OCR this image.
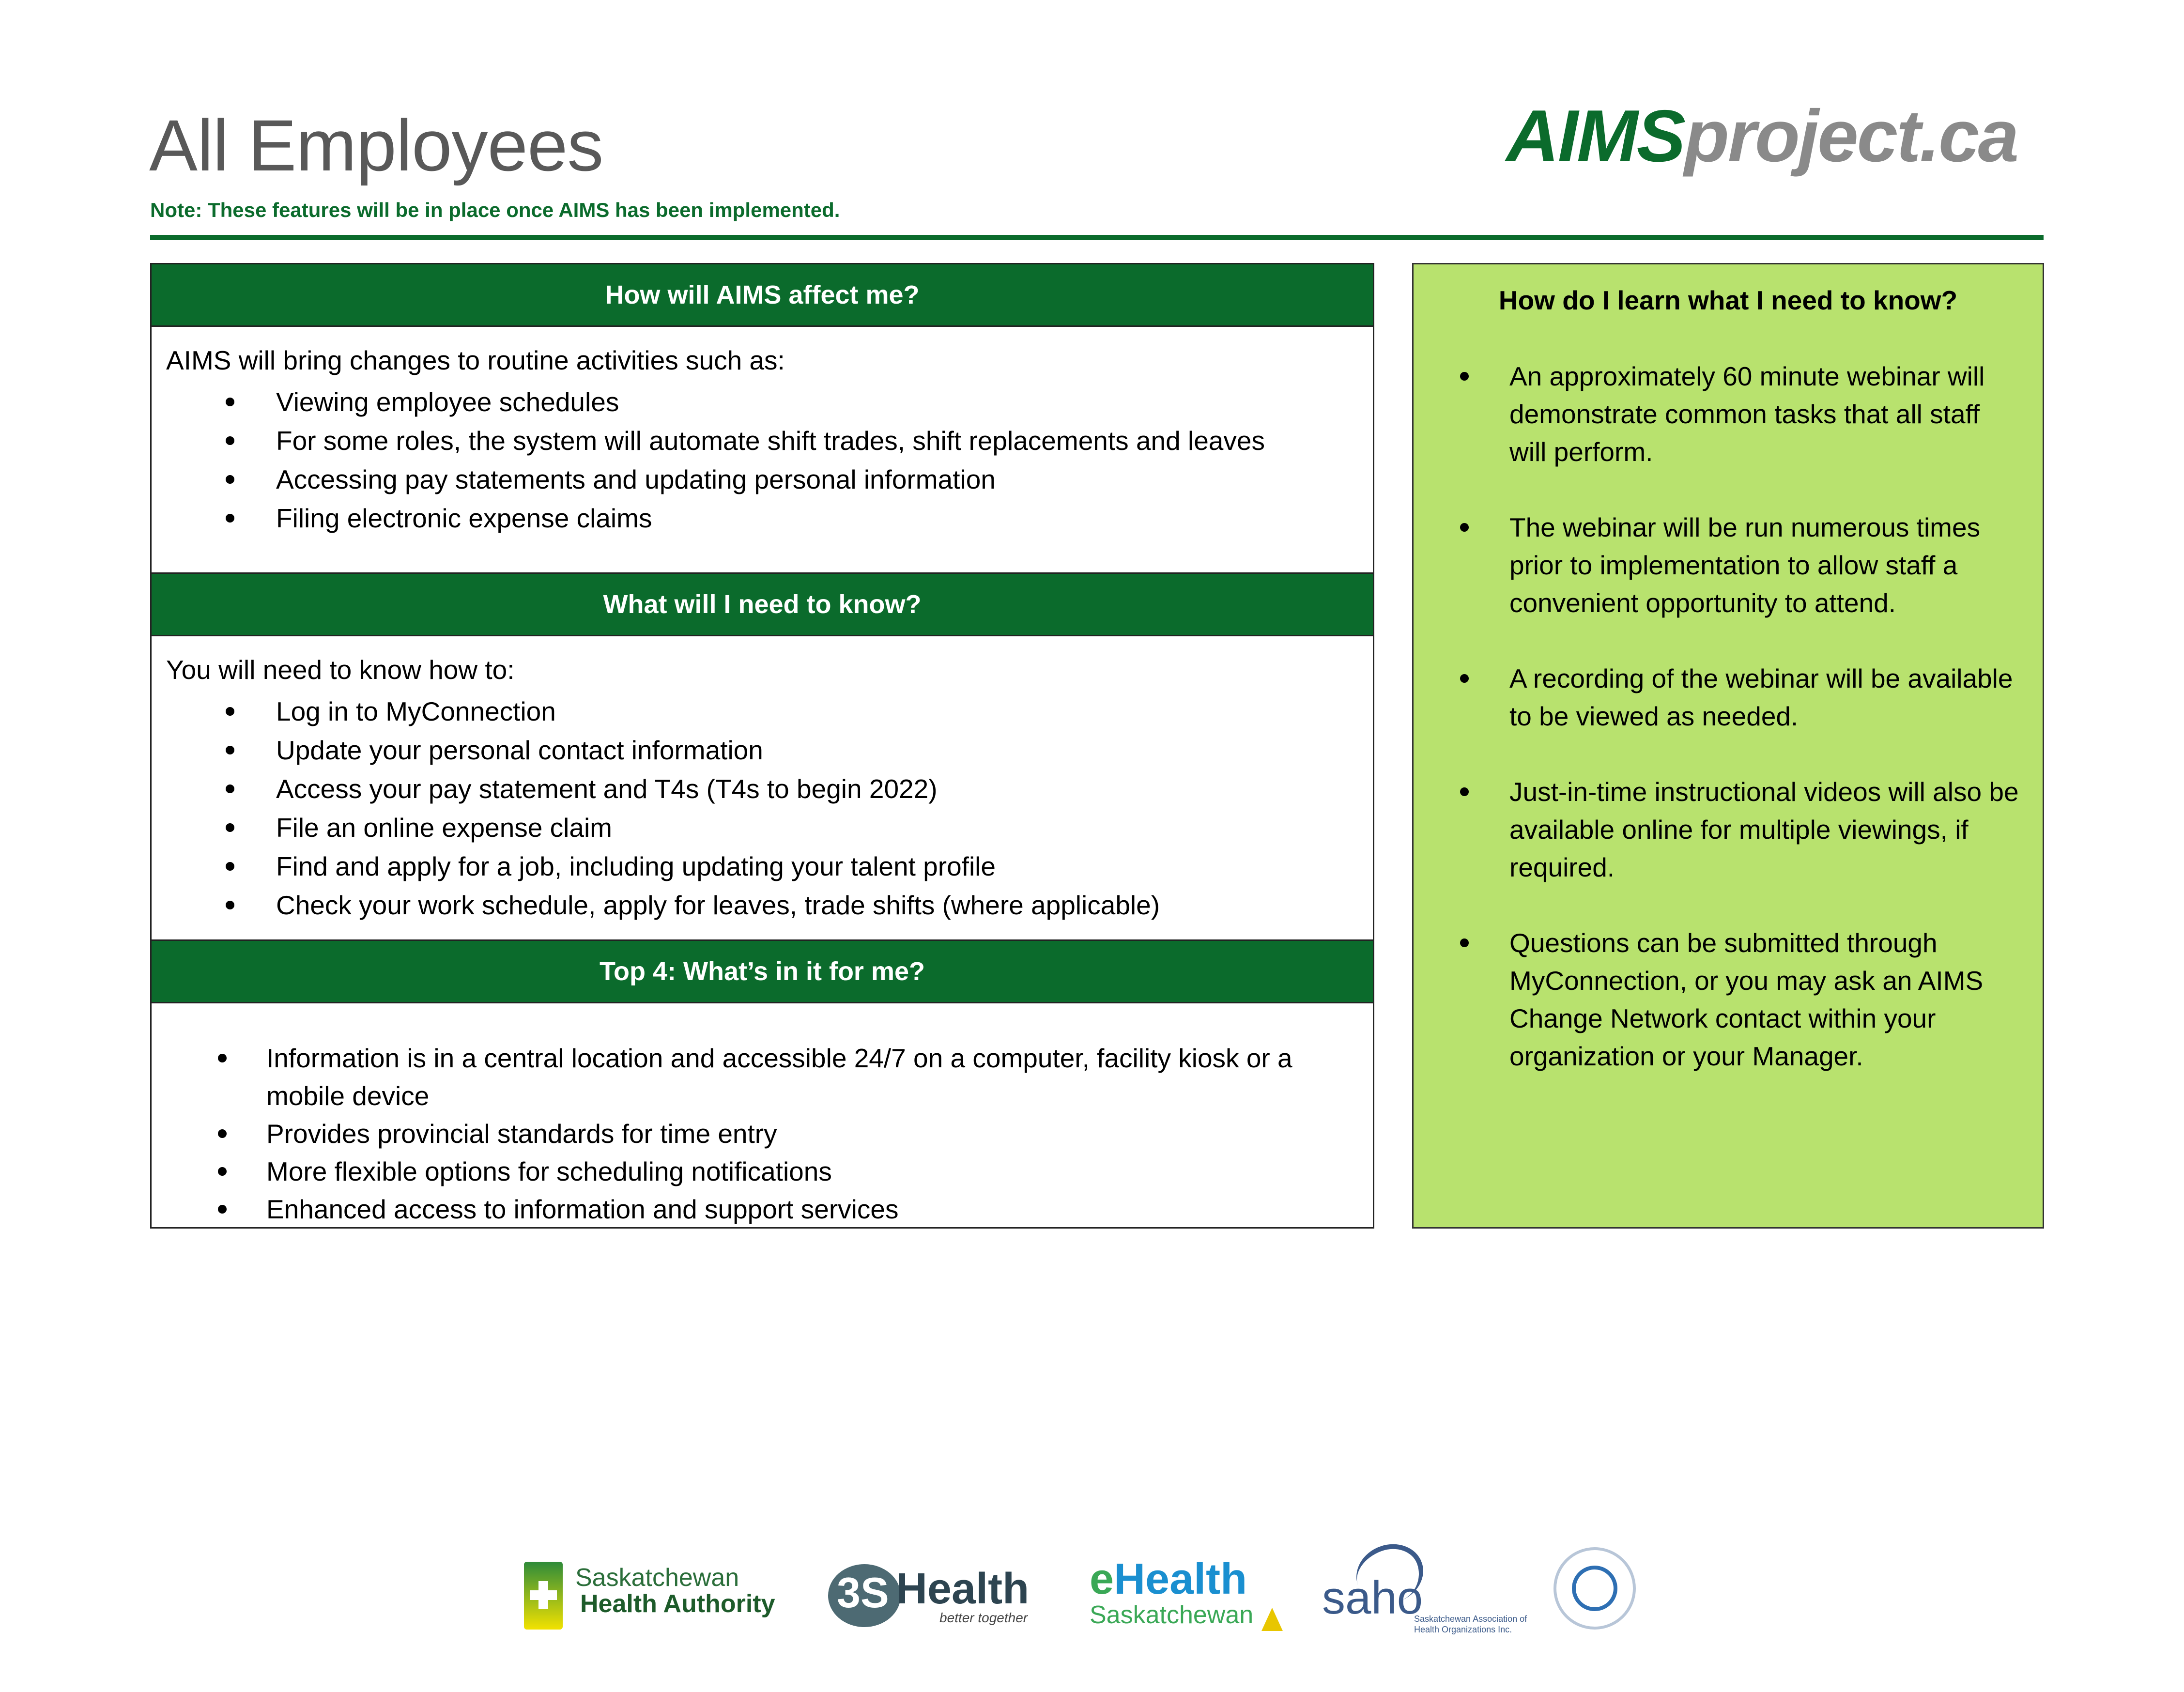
All Employees
Note: These features will be in place once AIMS has been implemented.
AIMSproject.ca
How will AIMS affect me?
AIMS will bring changes to routine activities such as:
Viewing employee schedules
For some roles, the system will automate shift trades, shift replacements and leaves
Accessing pay statements and updating personal information
Filing electronic expense claims
What will I need to know?
You will need to know how to:
Log in to MyConnection
Update your personal contact information
Access your pay statement and T4s (T4s to begin 2022)
File an online expense claim
Find and apply for a job, including updating your talent profile
Check your work schedule, apply for leaves, trade shifts (where applicable)
Top 4: What’s in it for me?
Information is in a central location and accessible 24/7 on a computer, facility kiosk or a mobile device
Provides provincial standards for time entry
More flexible options for scheduling notifications
Enhanced access to information and support services
How do I learn what I need to know?
An approximately 60 minute webinar will demonstrate common tasks that all staff will perform.
The webinar will be run numerous times prior to implementation to allow staff a convenient opportunity to attend.
A recording of the webinar will be available to be viewed as needed.
Just-in-time instructional videos will also be available online for multiple viewings, if required.
Questions can be submitted through MyConnection, or you may ask an AIMS Change Network contact within your organization or your Manager.
Saskatchewan
Health Authority
3S	Health
better together
eHealth
Saskatchewan saho
Saskatchewan Association of Health Organizations Inc.
